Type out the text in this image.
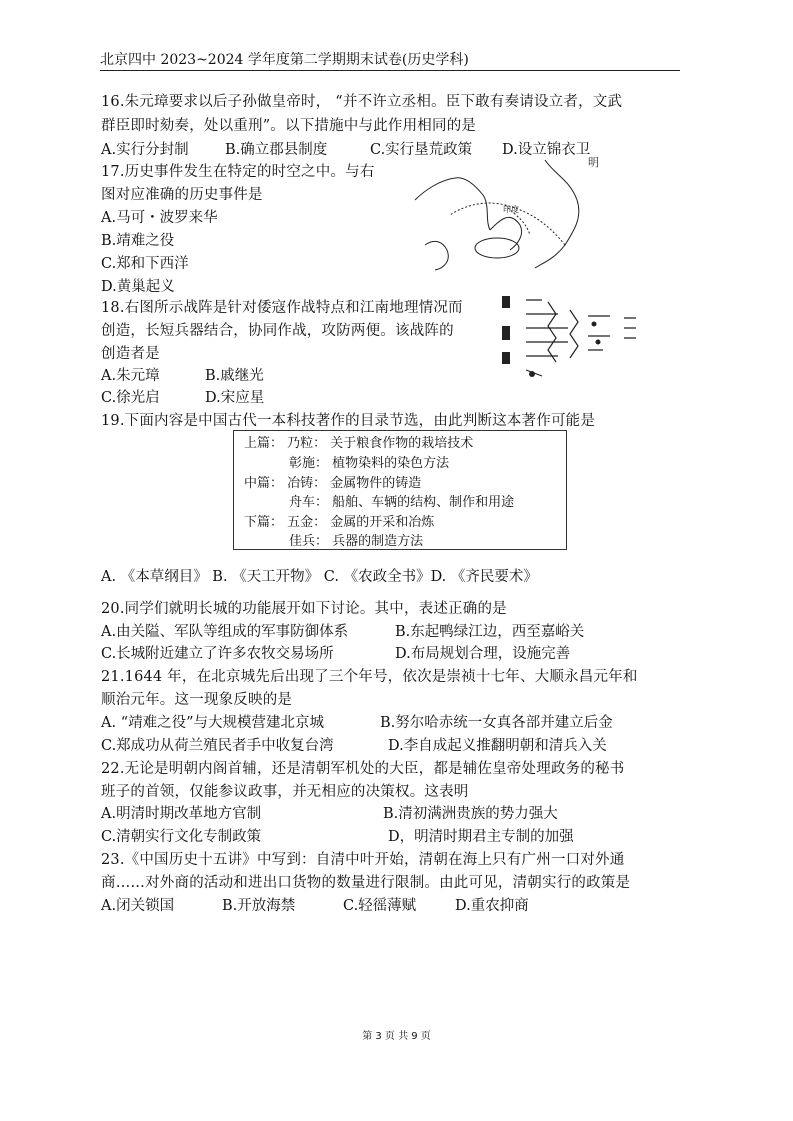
北京四中 2023~2024 学年度第二学期期末试卷(历史学科)
16.朱元璋要求以后子孙做皇帝时， “并不许立丞相。臣下敢有奏请设立者，文武
群臣即时劾奏，处以重刑”。以下措施中与此作用相同的是
A.实行分封制	B.确立郡县制度	C.实行垦荒政策 D.设立锦衣卫
17.历史事件发生在特定的时空之中。与右
图对应准确的历史事件是
A.马可・波罗来华
B.靖难之役
C.郑和下西洋
D.黄巢起义
明
印度
18.右图所示战阵是针对倭寇作战特点和江南地理情况而
创造，长短兵器结合，协同作战，攻防两便。该战阵的
创造者是
A.朱元璋	B.戚继光
C.徐光启	D.宋应星
19.下面内容是中国古代一本科技著作的目录节选，由此判断这本著作可能是
上篇： 乃粒： 关于粮食作物的栽培技术
彰施： 植物染料的染色方法
中篇： 冶铸： 金属物件的铸造
舟车： 船舶、车辆的结构、制作和用途
下篇： 五金： 金属的开采和冶炼
佳兵： 兵器的制造方法
A. 《本草纲目》 B. 《天工开物》 C. 《农政全书》D. 《齐民要术》
20.同学们就明长城的功能展开如下讨论。其中，表述正确的是
A.由关隘、军队等组成的军事防御体系	B.东起鸭绿江边，西至嘉峪关
C.长城附近建立了许多农牧交易场所	D.布局规划合理，设施完善
21.1644 年，在北京城先后出现了三个年号，依次是崇祯十七年、大顺永昌元年和
顺治元年。这一现象反映的是
A. “靖难之役”与大规模营建北京城	B.努尔哈赤统一女真各部并建立后金
C.郑成功从荷兰殖民者手中收复台湾	D.李自成起义推翻明朝和清兵入关
22.无论是明朝内阁首辅，还是清朝军机处的大臣，都是辅佐皇帝处理政务的秘书
班子的首领，仅能参议政事，并无相应的决策权。这表明
A.明清时期改革地方官制	B.清初满洲贵族的势力强大
C.清朝实行文化专制政策	D，明清时期君主专制的加强
23.《中国历史十五讲》中写到：自清中叶开始，清朝在海上只有广州一口对外通
商……对外商的活动和进出口货物的数量进行限制。由此可见，清朝实行的政策是
A.闭关锁国	B.开放海禁	C.轻徭薄赋	D.重农抑商
第 3 页 共 9 页
